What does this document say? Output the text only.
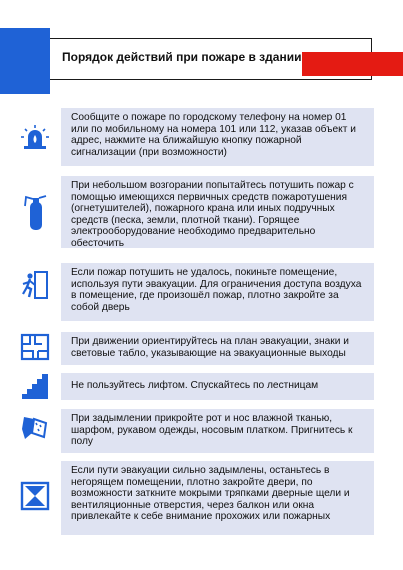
Порядок действий при пожаре в здании
Сообщите о пожаре по городскому телефону на номер 01 или по мобильному на номера 101 или 112, указав объект и адрес, нажмите на ближайшую кнопку пожарной сигнализации (при возможности)
При небольшом возгорании попытайтесь потушить пожар с помощью имеющихся первичных средств пожаротушения (огнетушителей), пожарного крана или иных подручных средств (песка, земли, плотной ткани). Горящее электрооборудование необходимо предварительно обесточить
Если пожар потушить не удалось, покиньте помещение, используя пути эвакуации. Для ограничения доступа воздуха в помещение, где произошёл пожар, плотно закройте за собой дверь
При движении ориентируйтесь на план эвакуации, знаки и световые табло, указывающие на эвакуационные выходы
Не пользуйтесь лифтом. Спускайтесь по лестницам
При задымлении прикройте рот и нос влажной тканью, шарфом, рукавом одежды, носовым платком. Пригнитесь к полу
Если пути эвакуации сильно задымлены, останьтесь в негорящем помещении, плотно закройте двери, по возможности заткните мокрыми тряпками дверные щели и вентиляционные отверстия, через балкон или окна привлекайте к себе внимание прохожих или пожарных
